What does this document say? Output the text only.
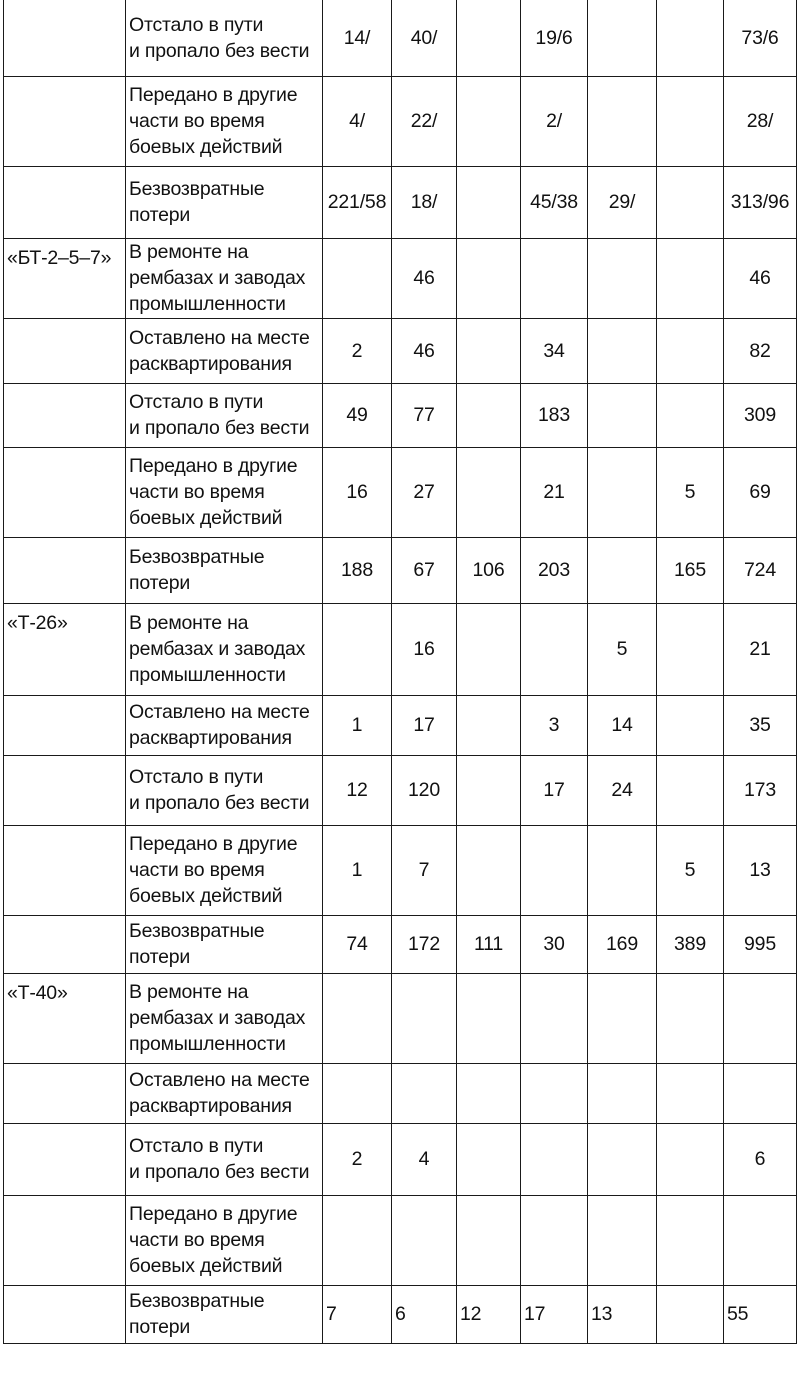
	Отстало в пути
и пропало без вести	14/	40/		19/6			73/6

	Передано в другие
части во время
боевых действий	4/	22/		2/			28/

	Безвозвратные
потери	221/58	18/		45/38	29/		313/96
«БТ-2–5–7»	В ремонте на
рембазах и заводах
промышленности		46					46

	Оставлено на месте
расквартирования	2	46		34			82

	Отстало в пути
и пропало без вести	49	77		183			309

	Передано в другие
части во время
боевых действий	16	27		21		5	69

	Безвозвратные
потери	188	67	106	203		165	724
«Т-26»	В ремонте на
рембазах и заводах
промышленности		16			5		21

	Оставлено на месте
расквартирования	1	17		3	14		35

	Отстало в пути
и пропало без вести	12	120		17	24		173

	Передано в другие
части во время
боевых действий	1	7				5	13

	Безвозвратные
потери	74	172	111	30	169	389	995
«Т-40»	В ремонте на
рембазах и заводах
промышленности							

	Оставлено на месте
расквартирования							

	Отстало в пути
и пропало без вести	2	4					6

	Передано в другие
части во время
боевых действий							

	Безвозвратные
потери	7	6	12	17	13		55
